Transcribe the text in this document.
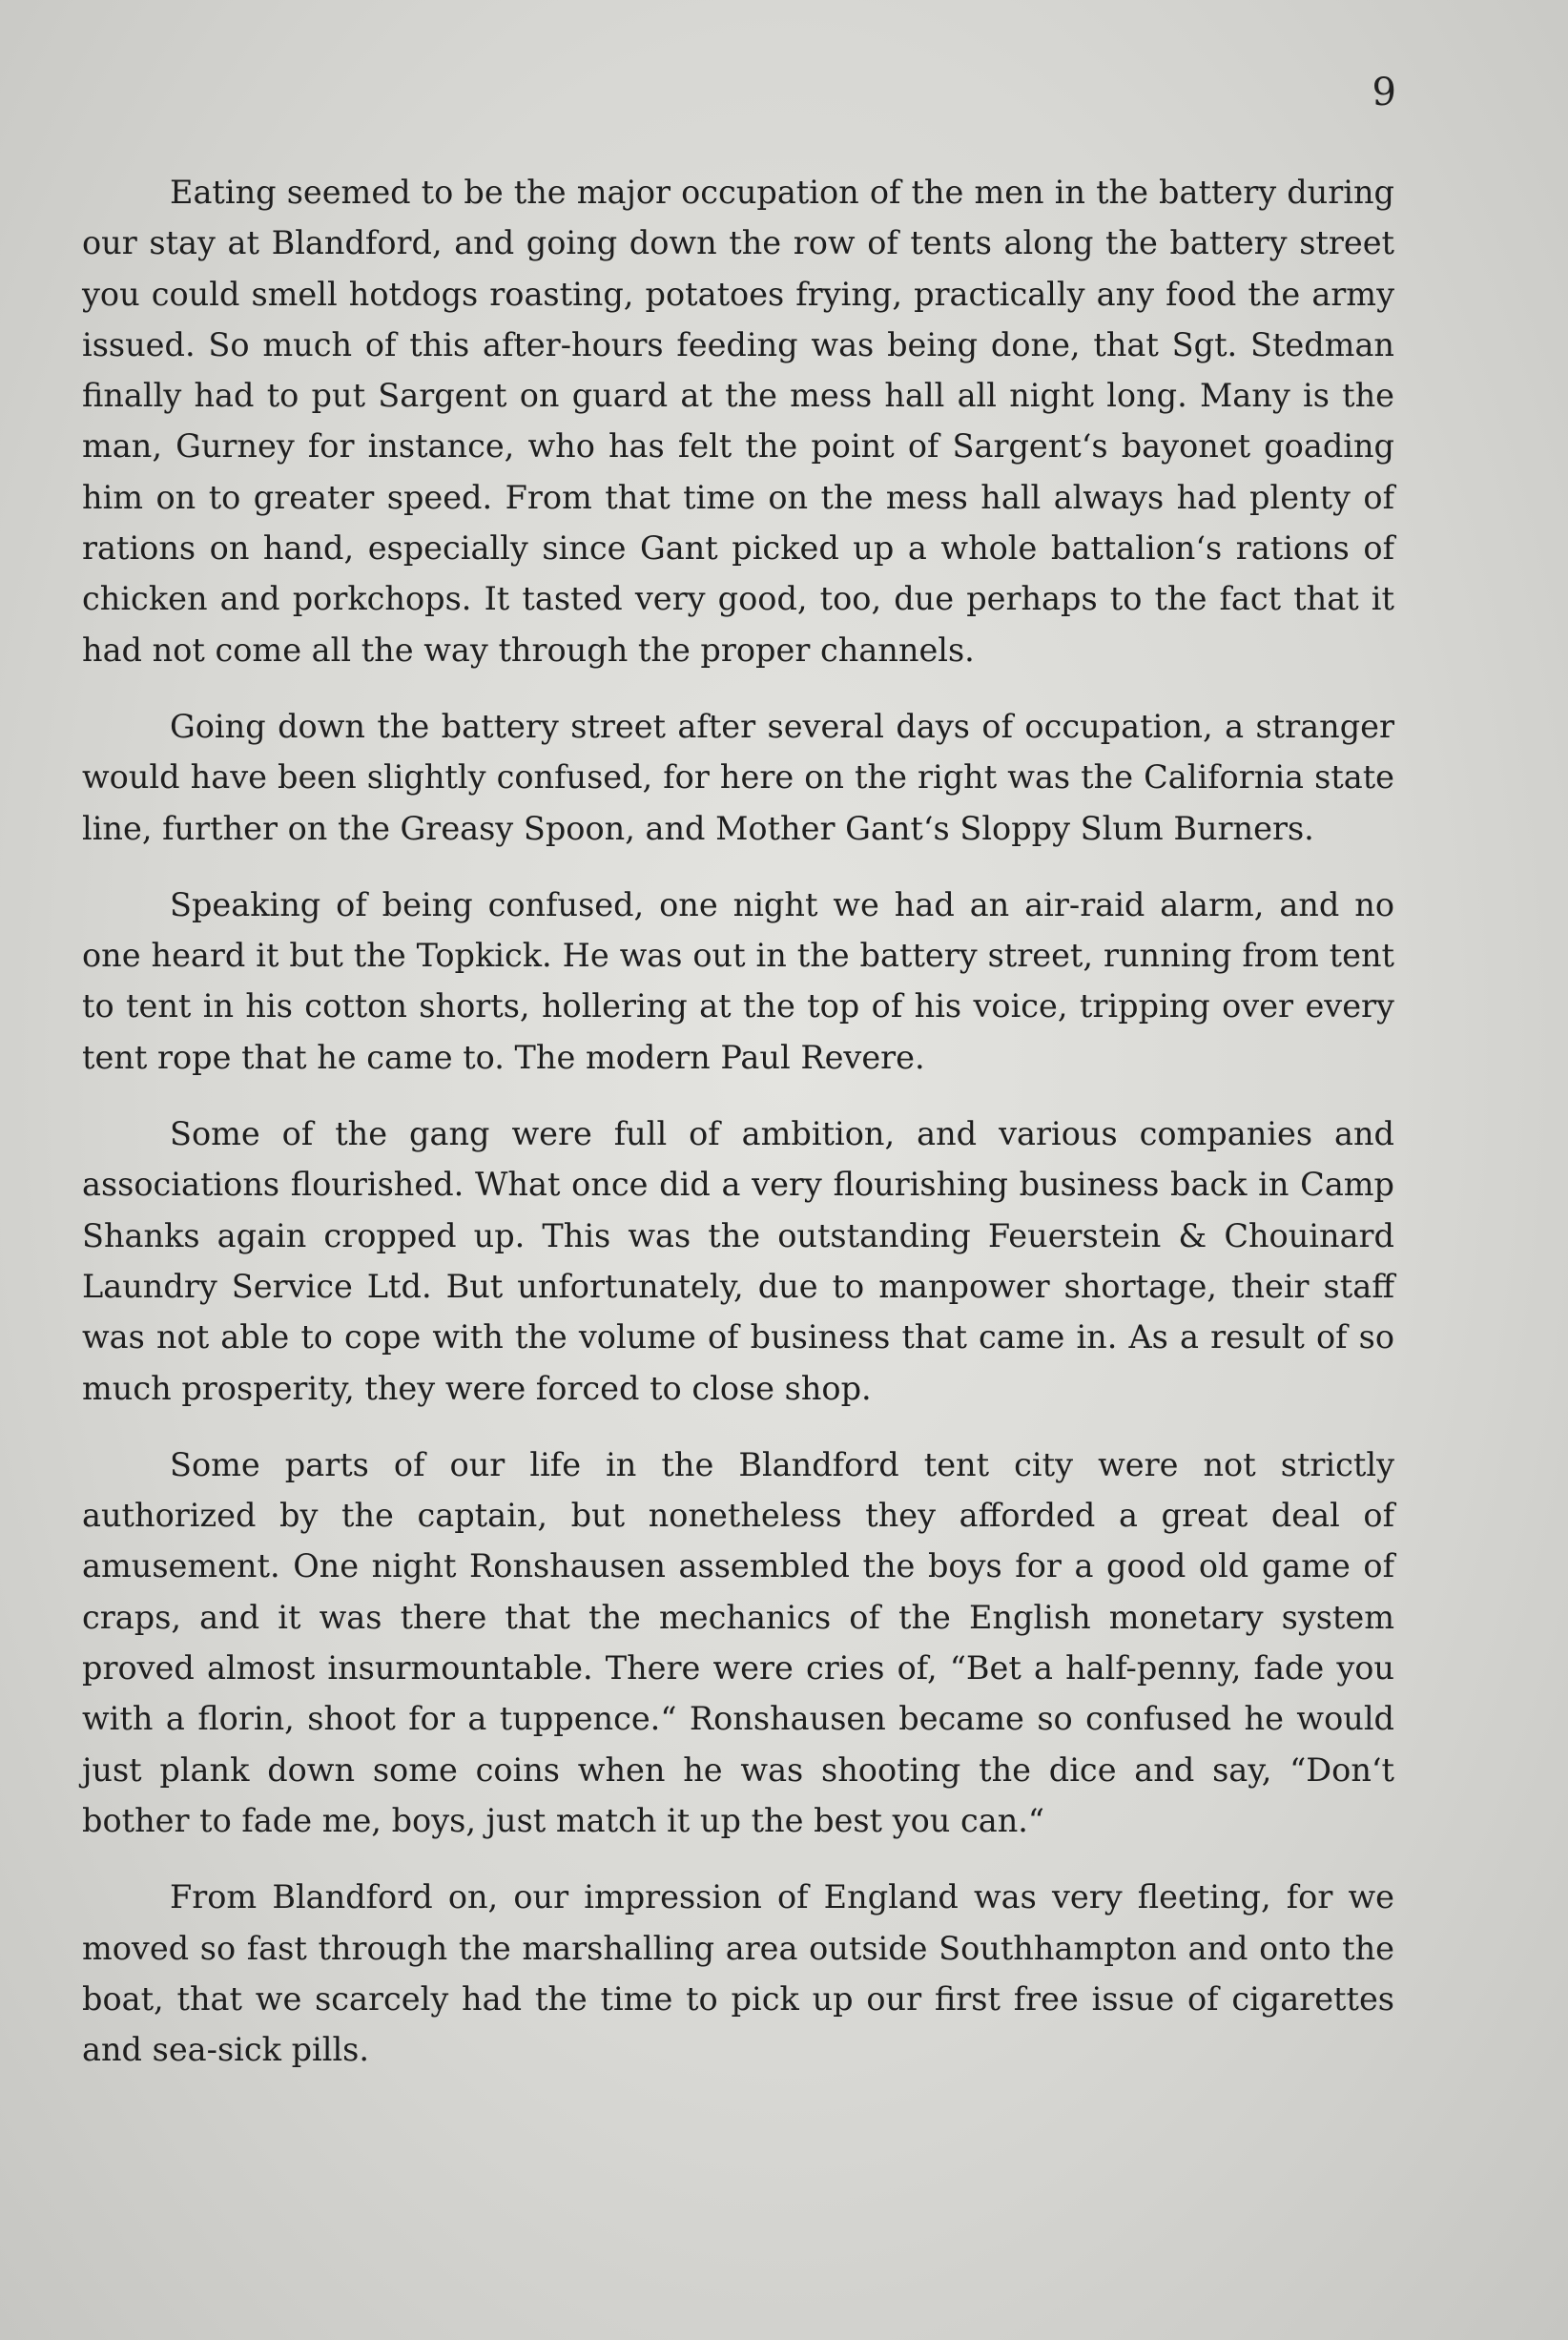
9

Eating seemed to be the major occupation of the men in the battery during our stay at Blandford, and going down the row of tents along the battery street you could smell hotdogs roasting, potatoes frying, practically any food the army issued. So much of this after-hours feeding was being done, that Sgt. Stedman finally had to put Sargent on guard at the mess hall all night long. Many is the man, Gurney for instance, who has felt the point of Sargent‘s bayonet goading him on to greater speed. From that time on the mess hall always had plenty of rations on hand, especially since Gant picked up a whole battalion‘s rations of chicken and porkchops. It tasted very good, too, due perhaps to the fact that it had not come all the way through the proper channels.

Going down the battery street after several days of occupation, a stranger would have been slightly confused, for here on the right was the California state line, further on the Greasy Spoon, and Mother Gant‘s Sloppy Slum Burners.

Speaking of being confused, one night we had an air-raid alarm, and no one heard it but the Topkick. He was out in the battery street, running from tent to tent in his cotton shorts, hollering at the top of his voice, tripping over every tent rope that he came to. The modern Paul Revere.

Some of the gang were full of ambition, and various companies and associations flourished. What once did a very flourishing business back in Camp Shanks again cropped up. This was the outstanding Feuerstein & Chouinard Laundry Service Ltd. But unfortunately, due to manpower shortage, their staff was not able to cope with the volume of business that came in. As a result of so much prosperity, they were forced to close shop.

Some parts of our life in the Blandford tent city were not strictly authorized by the captain, but nonetheless they afforded a great deal of amusement. One night Ronshausen assembled the boys for a good old game of craps, and it was there that the mechanics of the English monetary system proved almost insurmountable. There were cries of, “Bet a half-penny, fade you with a florin, shoot for a tuppence.“ Ronshausen became so confused he would just plank down some coins when he was shooting the dice and say, “Don‘t bother to fade me, boys, just match it up the best you can.“

From Blandford on, our impression of England was very fleeting, for we moved so fast through the marshalling area outside Southhampton and onto the boat, that we scarcely had the time to pick up our first free issue of cigarettes and sea-sick pills.
